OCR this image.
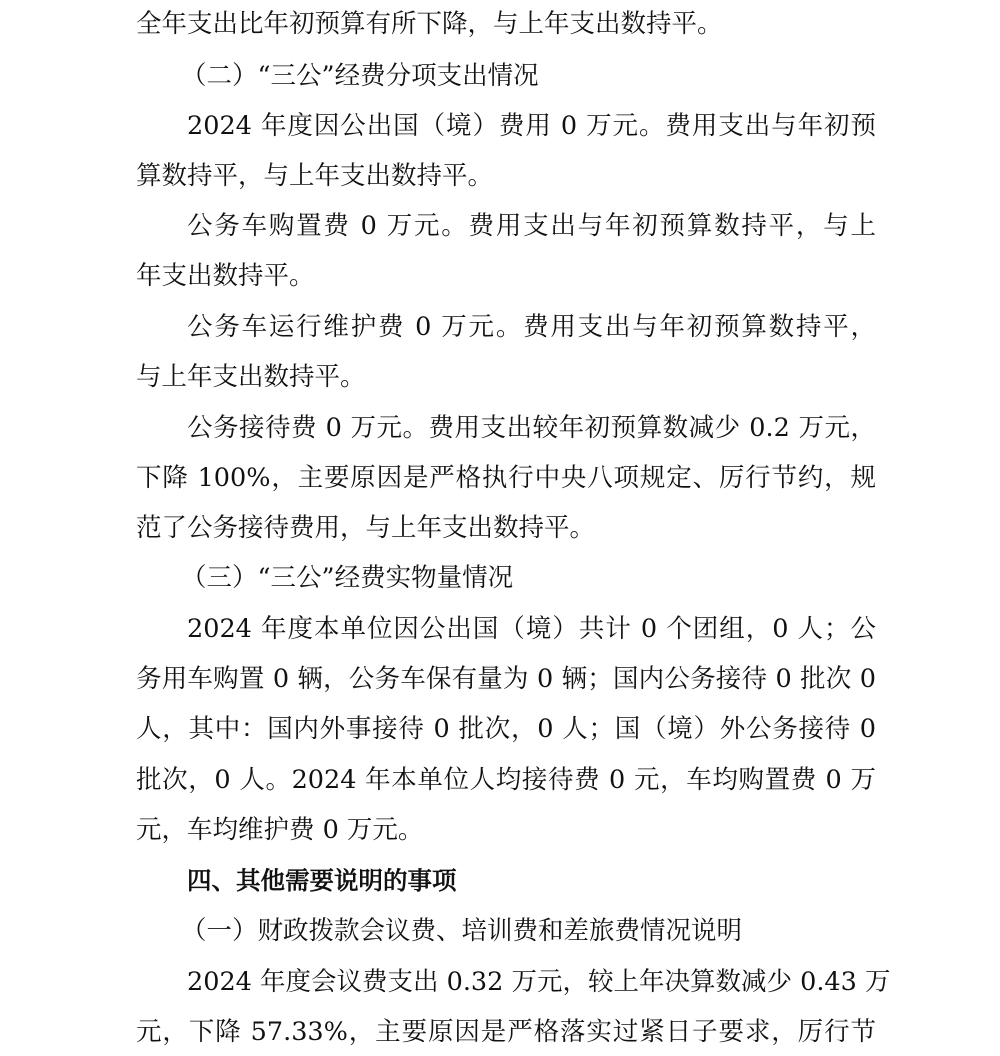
全年支出比年初预算有所下降，与上年支出数持平。
（二）“三公”经费分项支出情况
2024 年度因公出国（境）费用 0 万元。费用支出与年初预
算数持平，与上年支出数持平。
公务车购置费 0 万元。费用支出与年初预算数持平，与上
年支出数持平。
公务车运行维护费 0 万元。费用支出与年初预算数持平，
与上年支出数持平。
公务接待费 0 万元。费用支出较年初预算数减少 0.2 万元，
下降 100%，主要原因是严格执行中央八项规定、厉行节约，规
范了公务接待费用，与上年支出数持平。
（三）“三公”经费实物量情况
2024 年度本单位因公出国（境）共计 0 个团组，0 人；公
务用车购置 0 辆，公务车保有量为 0 辆；国内公务接待 0 批次 0
人，其中：国内外事接待 0 批次，0 人；国（境）外公务接待 0
批次，0 人。2024 年本单位人均接待费 0 元，车均购置费 0 万
元，车均维护费 0 万元。
四、其他需要说明的事项
（一）财政拨款会议费、培训费和差旅费情况说明
2024 年度会议费支出 0.32 万元，较上年决算数减少 0.43 万
元，下降 57.33%，主要原因是严格落实过紧日子要求，厉行节
